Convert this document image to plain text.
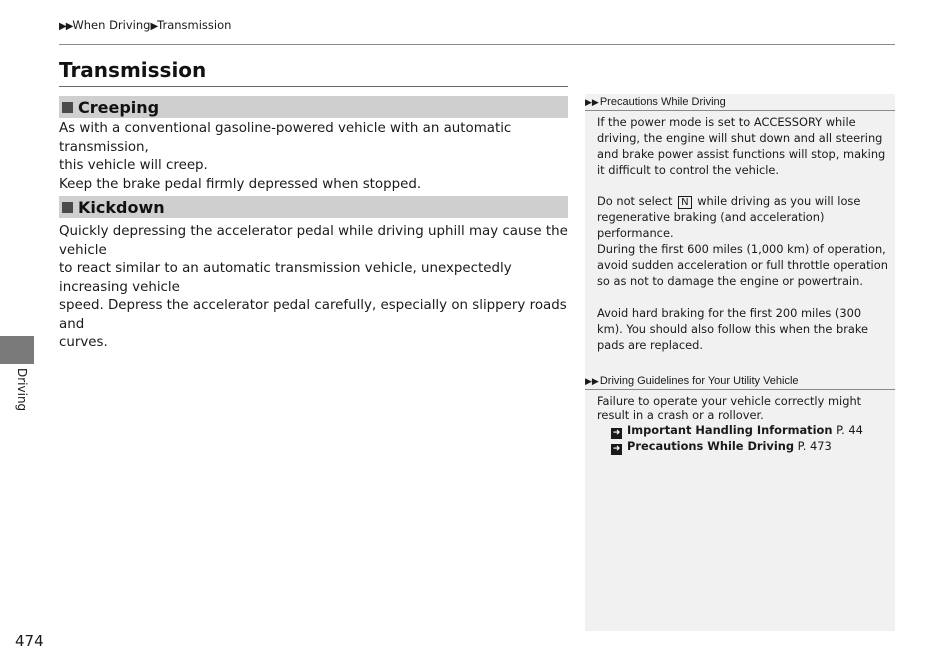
▶▶When Driving▶Transmission
Transmission
Creeping
As with a conventional gasoline-powered vehicle with an automatic transmission,
this vehicle will creep.
Keep the brake pedal firmly depressed when stopped.
Kickdown
Quickly depressing the accelerator pedal while driving uphill may cause the vehicle
to react similar to an automatic transmission vehicle, unexpectedly increasing vehicle
speed. Depress the accelerator pedal carefully, especially on slippery roads and
curves.
▶▶ Precautions While Driving
If the power mode is set to ACCESSORY while driving, the engine will shut down and all steering and brake power assist functions will stop, making it difficult to control the vehicle.
Do not select N while driving as you will lose regenerative braking (and acceleration) performance.
During the first 600 miles (1,000 km) of operation, avoid sudden acceleration or full throttle operation so as not to damage the engine or powertrain.
Avoid hard braking for the first 200 miles (300 km). You should also follow this when the brake pads are replaced.
▶▶ Driving Guidelines for Your Utility Vehicle
Failure to operate your vehicle correctly might result in a crash or a rollover.
➜ Important Handling Information P. 44
➜ Precautions While Driving P. 473
Driving
474
